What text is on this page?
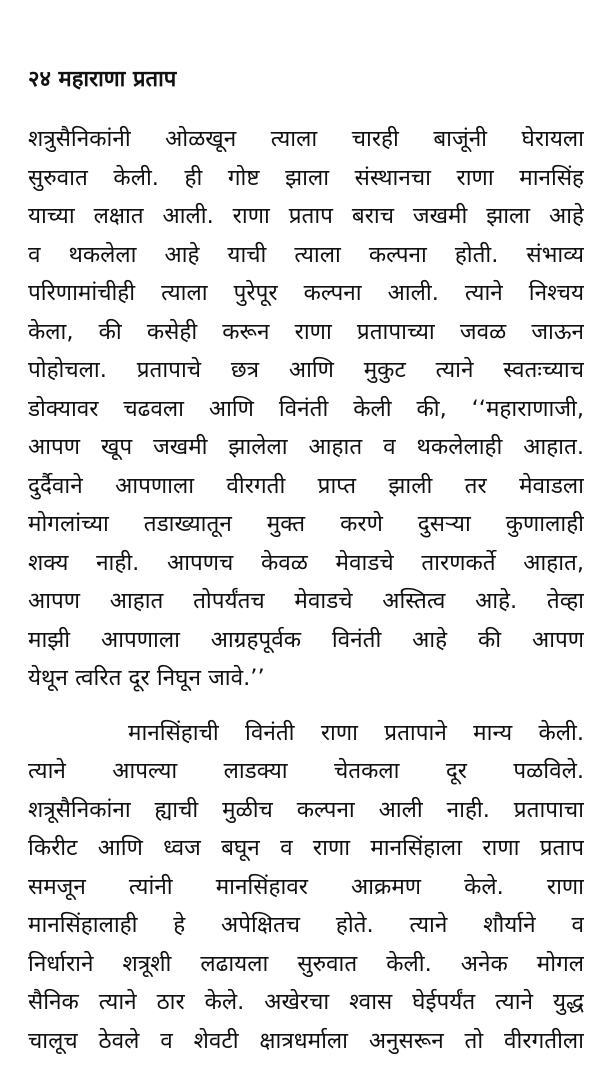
२४ महाराणा प्रताप
शत्रुसैनिकांनी ओळखून त्याला चारही बाजूंनी घेरायला
सुरुवात केली. ही गोष्ट झाला संस्थानचा राणा मानसिंह
याच्या लक्षात आली. राणा प्रताप बराच जखमी झाला आहे
व थकलेला आहे याची त्याला कल्पना होती. संभाव्य
परिणामांचीही त्याला पुरेपूर कल्पना आली. त्याने निश्चय
केला, की कसेही करून राणा प्रतापाच्या जवळ जाऊन
पोहोचला. प्रतापाचे छत्र आणि मुकुट त्याने स्वतःच्याच
डोक्यावर चढवला आणि विनंती केली की, ‘‘महाराणाजी,
आपण खूप जखमी झालेला आहात व थकलेलाही आहात.
दुर्दैवाने आपणाला वीरगती प्राप्त झाली तर मेवाडला
मोगलांच्या तडाख्यातून मुक्त करणे दुसऱ्या कुणालाही
शक्य नाही. आपणच केवळ मेवाडचे तारणकर्ते आहात,
आपण आहात तोपर्यंतच मेवाडचे अस्तित्व आहे. तेव्हा
माझी आपणाला आग्रहपूर्वक विनंती आहे की आपण
येथून त्वरित दूर निघून जावे.’’
मानसिंहाची विनंती राणा प्रतापाने मान्य केली.
त्याने आपल्या लाडक्या चेतकला दूर पळविले.
शत्रूसैनिकांना ह्याची मुळीच कल्पना आली नाही. प्रतापाचा
किरीट आणि ध्वज बघून व राणा मानसिंहाला राणा प्रताप
समजून त्यांनी मानसिंहावर आक्रमण केले. राणा
मानसिंहालाही हे अपेक्षितच होते. त्याने शौर्याने व
निर्धाराने शत्रूशी लढायला सुरुवात केली. अनेक मोगल
सैनिक त्याने ठार केले. अखेरचा श्वास घेईपर्यंत त्याने युद्ध
चालूच ठेवले व शेवटी क्षात्रधर्माला अनुसरून तो वीरगतीला
